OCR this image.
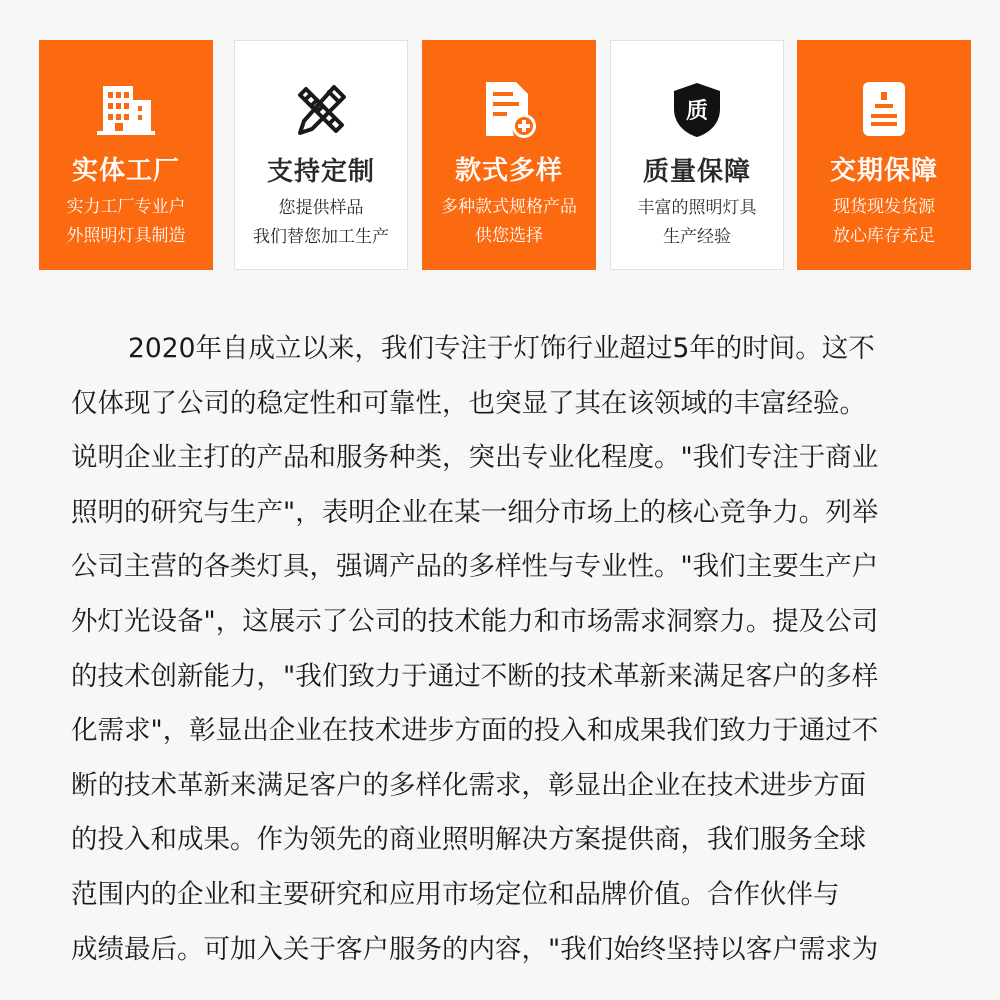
实体工厂
实力工厂专业户
外照明灯具制造
支持定制
您提供样品
我们替您加工生产
款式多样
多种款式规格产品
供您选择
质
质量保障
丰富的照明灯具
生产经验
交期保障
现货现发货源
放心库存充足
2020年自成立以来，我们专注于灯饰行业超过5年的时间。这不
仅体现了公司的稳定性和可靠性，也突显了其在该领域的丰富经验。
说明企业主打的产品和服务种类，突出专业化程度。"我们专注于商业
照明的研究与生产"，表明企业在某一细分市场上的核心竞争力。列举
公司主营的各类灯具，强调产品的多样性与专业性。"我们主要生产户
外灯光设备"，这展示了公司的技术能力和市场需求洞察力。提及公司
的技术创新能力，"我们致力于通过不断的技术革新来满足客户的多样
化需求"，彰显出企业在技术进步方面的投入和成果我们致力于通过不
断的技术革新来满足客户的多样化需求，彰显出企业在技术进步方面
的投入和成果。作为领先的商业照明解决方案提供商，我们服务全球
范围内的企业和主要研究和应用市场定位和品牌价值。合作伙伴与
成绩最后。可加入关于客户服务的内容，"我们始终坚持以客户需求为
